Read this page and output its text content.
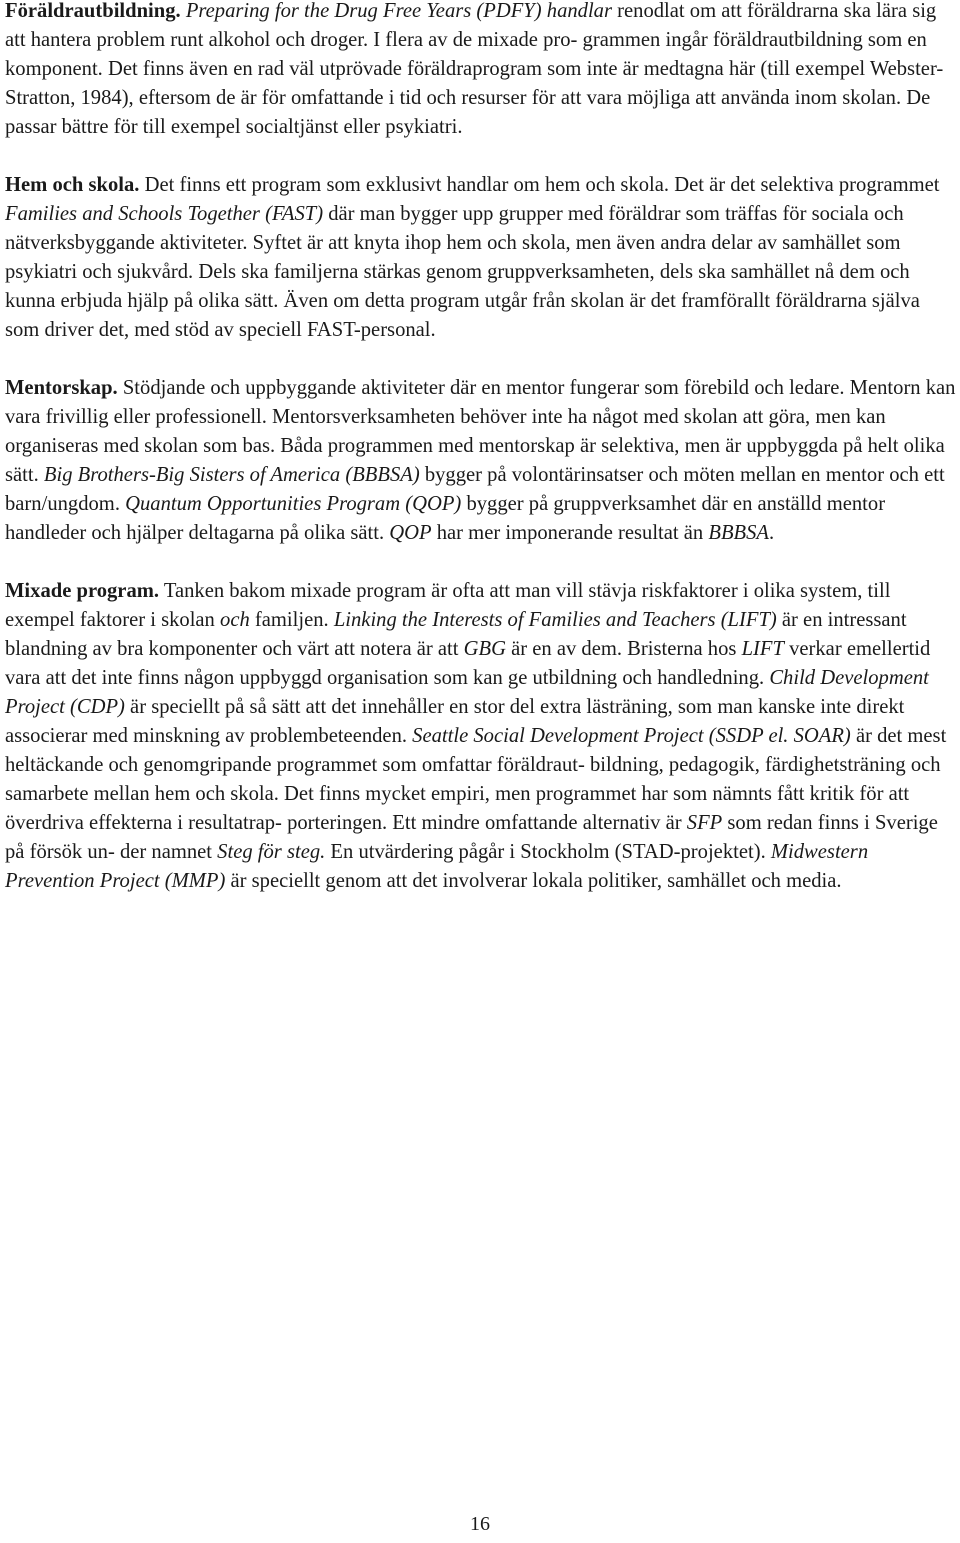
Föräldrautbildning. Preparing for the Drug Free Years (PDFY) handlar renodlat om att föräldrarna ska lära sig att hantera problem runt alkohol och droger. I flera av de mixade pro- grammen ingår föräldrautbildning som en komponent. Det finns även en rad väl utprövade föräldraprogram som inte är medtagna här (till exempel Webster-Stratton, 1984), eftersom de är för omfattande i tid och resurser för att vara möjliga att använda inom skolan. De passar bättre för till exempel socialtjänst eller psykiatri.

Hem och skola. Det finns ett program som exklusivt handlar om hem och skola. Det är det selektiva programmet Families and Schools Together (FAST) där man bygger upp grupper med föräldrar som träffas för sociala och nätverksbyggande aktiviteter. Syftet är att knyta ihop hem och skola, men även andra delar av samhället som psykiatri och sjukvård. Dels ska familjerna stärkas genom gruppverksamheten, dels ska samhället nå dem och kunna erbjuda hjälp på olika sätt. Även om detta program utgår från skolan är det framförallt föräldrarna själva som driver det, med stöd av speciell FAST-personal.

Mentorskap. Stödjande och uppbyggande aktiviteter där en mentor fungerar som förebild och ledare. Mentorn kan vara frivillig eller professionell. Mentorsverksamheten behöver inte ha något med skolan att göra, men kan organiseras med skolan som bas. Båda programmen med mentorskap är selektiva, men är uppbyggda på helt olika sätt. Big Brothers-Big Sisters of America (BBBSA) bygger på volontärinsatser och möten mellan en mentor och ett barn/ungdom. Quantum Opportunities Program (QOP) bygger på gruppverksamhet där en anställd mentor handleder och hjälper deltagarna på olika sätt. QOP har mer imponerande resultat än BBBSA.

Mixade program. Tanken bakom mixade program är ofta att man vill stävja riskfaktorer i olika system, till exempel faktorer i skolan och familjen. Linking the Interests of Families and Teachers (LIFT) är en intressant blandning av bra komponenter och värt att notera är att GBG är en av dem. Bristerna hos LIFT verkar emellertid vara att det inte finns någon uppbyggd organisation som kan ge utbildning och handledning. Child Development Project (CDP) är speciellt på så sätt att det innehåller en stor del extra lästräning, som man kanske inte direkt associerar med minskning av problembeteenden. Seattle Social Development Project (SSDP el. SOAR) är det mest heltäckande och genomgripande programmet som omfattar föräldraut- bildning, pedagogik, färdighetsträning och samarbete mellan hem och skola. Det finns mycket empiri, men programmet har som nämnts fått kritik för att överdriva effekterna i resultatrap- porteringen. Ett mindre omfattande alternativ är SFP som redan finns i Sverige på försök un- der namnet Steg för steg. En utvärdering pågår i Stockholm (STAD-projektet). Midwestern Prevention Project (MMP) är speciellt genom att det involverar lokala politiker, samhället och media.

16
